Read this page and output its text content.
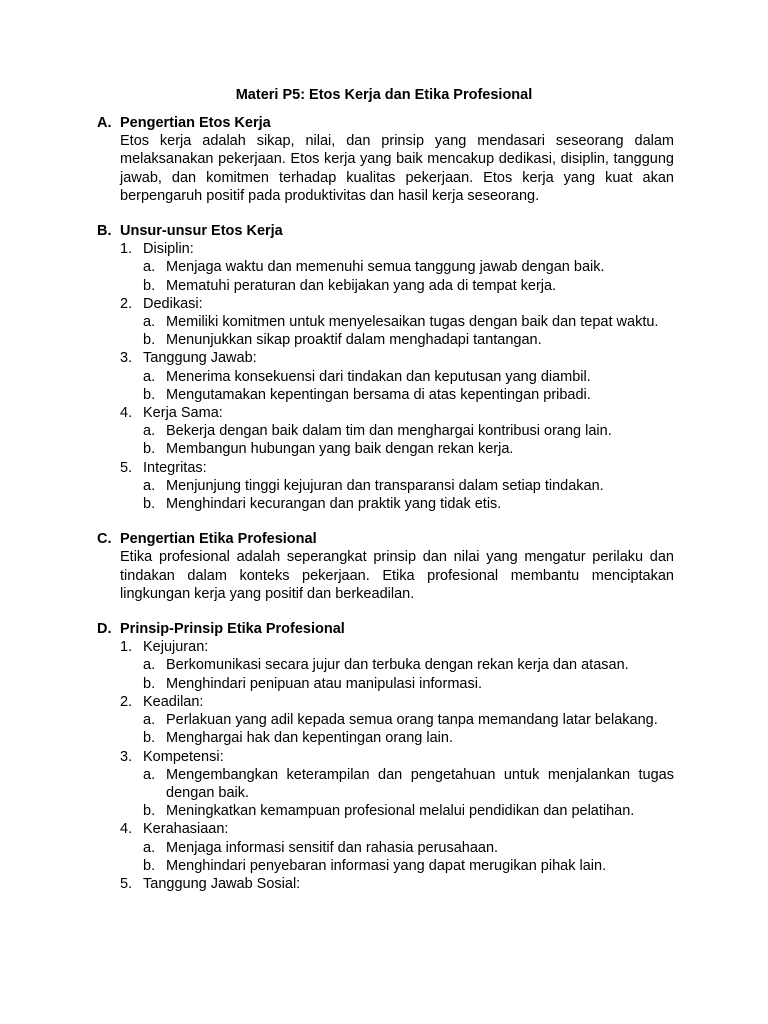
Materi P5: Etos Kerja dan Etika Profesional
A. Pengertian Etos Kerja
Etos kerja adalah sikap, nilai, dan prinsip yang mendasari seseorang dalam melaksanakan pekerjaan. Etos kerja yang baik mencakup dedikasi, disiplin, tanggung jawab, dan komitmen terhadap kualitas pekerjaan. Etos kerja yang kuat akan berpengaruh positif pada produktivitas dan hasil kerja seseorang.
B. Unsur-unsur Etos Kerja
1. Disiplin:
a. Menjaga waktu dan memenuhi semua tanggung jawab dengan baik.
b. Mematuhi peraturan dan kebijakan yang ada di tempat kerja.
2. Dedikasi:
a. Memiliki komitmen untuk menyelesaikan tugas dengan baik dan tepat waktu.
b. Menunjukkan sikap proaktif dalam menghadapi tantangan.
3. Tanggung Jawab:
a. Menerima konsekuensi dari tindakan dan keputusan yang diambil.
b. Mengutamakan kepentingan bersama di atas kepentingan pribadi.
4. Kerja Sama:
a. Bekerja dengan baik dalam tim dan menghargai kontribusi orang lain.
b. Membangun hubungan yang baik dengan rekan kerja.
5. Integritas:
a. Menjunjung tinggi kejujuran dan transparansi dalam setiap tindakan.
b. Menghindari kecurangan dan praktik yang tidak etis.
C. Pengertian Etika Profesional
Etika profesional adalah seperangkat prinsip dan nilai yang mengatur perilaku dan tindakan dalam konteks pekerjaan. Etika profesional membantu menciptakan lingkungan kerja yang positif dan berkeadilan.
D. Prinsip-Prinsip Etika Profesional
1. Kejujuran:
a. Berkomunikasi secara jujur dan terbuka dengan rekan kerja dan atasan.
b. Menghindari penipuan atau manipulasi informasi.
2. Keadilan:
a. Perlakuan yang adil kepada semua orang tanpa memandang latar belakang.
b. Menghargai hak dan kepentingan orang lain.
3. Kompetensi:
a. Mengembangkan keterampilan dan pengetahuan untuk menjalankan tugas dengan baik.
b. Meningkatkan kemampuan profesional melalui pendidikan dan pelatihan.
4. Kerahasiaan:
a. Menjaga informasi sensitif dan rahasia perusahaan.
b. Menghindari penyebaran informasi yang dapat merugikan pihak lain.
5. Tanggung Jawab Sosial:
